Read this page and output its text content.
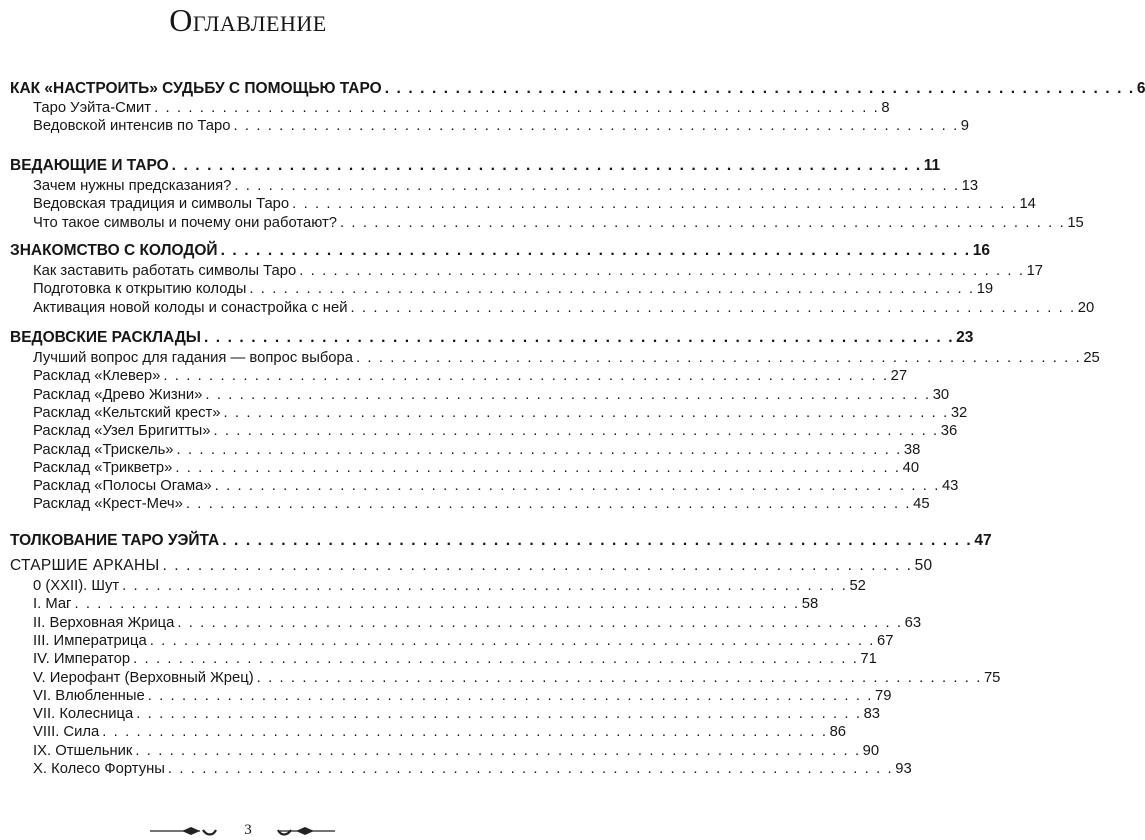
Оглавление
КАК «НАСТРОИТЬ» СУДЬБУ С ПОМОЩЬЮ ТАРО . . . . . . . . . . . . . . . . . . . . . . . . . . . . . . . . . . . . . . . . . . . . . . . . . . . . . . . . . . . . . . . . 6
Таро Уэйта-Смит . . . . . . . . . . . . . . . . . . . . . . . . . . . . . . . . . . . . . . . . . . . . . . . . . . . . . . . . . . . . . . . . 8
Ведовской интенсив по Таро . . . . . . . . . . . . . . . . . . . . . . . . . . . . . . . . . . . . . . . . . . . . . . . . . . . . . . . . . . . . . . . . 9
ВЕДАЮЩИЕ И ТАРО . . . . . . . . . . . . . . . . . . . . . . . . . . . . . . . . . . . . . . . . . . . . . . . . . . . . . . . . . . . . . . . . 11
Зачем нужны предсказания? . . . . . . . . . . . . . . . . . . . . . . . . . . . . . . . . . . . . . . . . . . . . . . . . . . . . . . . . . . . . . . . . 13
Ведовская традиция и символы Таро . . . . . . . . . . . . . . . . . . . . . . . . . . . . . . . . . . . . . . . . . . . . . . . . . . . . . . . . . . . . . . . . 14
Что такое символы и почему они работают? . . . . . . . . . . . . . . . . . . . . . . . . . . . . . . . . . . . . . . . . . . . . . . . . . . . . . . . . . . . . . . . . 15
ЗНАКОМСТВО С КОЛОДОЙ . . . . . . . . . . . . . . . . . . . . . . . . . . . . . . . . . . . . . . . . . . . . . . . . . . . . . . . . . . . . . . . . 16
Как заставить работать символы Таро . . . . . . . . . . . . . . . . . . . . . . . . . . . . . . . . . . . . . . . . . . . . . . . . . . . . . . . . . . . . . . . . 17
Подготовка к открытию колоды . . . . . . . . . . . . . . . . . . . . . . . . . . . . . . . . . . . . . . . . . . . . . . . . . . . . . . . . . . . . . . . . 19
Активация новой колоды и сонастройка с ней . . . . . . . . . . . . . . . . . . . . . . . . . . . . . . . . . . . . . . . . . . . . . . . . . . . . . . . . . . . . . . . . 20
ВЕДОВСКИЕ РАСКЛАДЫ . . . . . . . . . . . . . . . . . . . . . . . . . . . . . . . . . . . . . . . . . . . . . . . . . . . . . . . . . . . . . . . . 23
Лучший вопрос для гадания — вопрос выбора . . . . . . . . . . . . . . . . . . . . . . . . . . . . . . . . . . . . . . . . . . . . . . . . . . . . . . . . . . . . . . . . 25
Расклад «Клевер» . . . . . . . . . . . . . . . . . . . . . . . . . . . . . . . . . . . . . . . . . . . . . . . . . . . . . . . . . . . . . . . . 27
Расклад «Древо Жизни» . . . . . . . . . . . . . . . . . . . . . . . . . . . . . . . . . . . . . . . . . . . . . . . . . . . . . . . . . . . . . . . . 30
Расклад «Кельтский крест» . . . . . . . . . . . . . . . . . . . . . . . . . . . . . . . . . . . . . . . . . . . . . . . . . . . . . . . . . . . . . . . . 32
Расклад «Узел Бригитты» . . . . . . . . . . . . . . . . . . . . . . . . . . . . . . . . . . . . . . . . . . . . . . . . . . . . . . . . . . . . . . . . 36
Расклад «Трискель» . . . . . . . . . . . . . . . . . . . . . . . . . . . . . . . . . . . . . . . . . . . . . . . . . . . . . . . . . . . . . . . . 38
Расклад «Трикветр» . . . . . . . . . . . . . . . . . . . . . . . . . . . . . . . . . . . . . . . . . . . . . . . . . . . . . . . . . . . . . . . . 40
Расклад «Полосы Огама» . . . . . . . . . . . . . . . . . . . . . . . . . . . . . . . . . . . . . . . . . . . . . . . . . . . . . . . . . . . . . . . . 43
Расклад «Крест-Меч» . . . . . . . . . . . . . . . . . . . . . . . . . . . . . . . . . . . . . . . . . . . . . . . . . . . . . . . . . . . . . . . . 45
ТОЛКОВАНИЕ ТАРО УЭЙТА . . . . . . . . . . . . . . . . . . . . . . . . . . . . . . . . . . . . . . . . . . . . . . . . . . . . . . . . . . . . . . . . 47
СТАРШИЕ АРКАНЫ . . . . . . . . . . . . . . . . . . . . . . . . . . . . . . . . . . . . . . . . . . . . . . . . . . . . . . . . . . . . . . . . 50
0 (XXII). Шут . . . . . . . . . . . . . . . . . . . . . . . . . . . . . . . . . . . . . . . . . . . . . . . . . . . . . . . . . . . . . . . . 52
I. Маг . . . . . . . . . . . . . . . . . . . . . . . . . . . . . . . . . . . . . . . . . . . . . . . . . . . . . . . . . . . . . . . . 58
II. Верховная Жрица . . . . . . . . . . . . . . . . . . . . . . . . . . . . . . . . . . . . . . . . . . . . . . . . . . . . . . . . . . . . . . . . 63
III. Императрица . . . . . . . . . . . . . . . . . . . . . . . . . . . . . . . . . . . . . . . . . . . . . . . . . . . . . . . . . . . . . . . . 67
IV. Император . . . . . . . . . . . . . . . . . . . . . . . . . . . . . . . . . . . . . . . . . . . . . . . . . . . . . . . . . . . . . . . . 71
V. Иерофант (Верховный Жрец) . . . . . . . . . . . . . . . . . . . . . . . . . . . . . . . . . . . . . . . . . . . . . . . . . . . . . . . . . . . . . . . . 75
VI. Влюбленные . . . . . . . . . . . . . . . . . . . . . . . . . . . . . . . . . . . . . . . . . . . . . . . . . . . . . . . . . . . . . . . . 79
VII. Колесница . . . . . . . . . . . . . . . . . . . . . . . . . . . . . . . . . . . . . . . . . . . . . . . . . . . . . . . . . . . . . . . . 83
VIII. Сила . . . . . . . . . . . . . . . . . . . . . . . . . . . . . . . . . . . . . . . . . . . . . . . . . . . . . . . . . . . . . . . . 86
IX. Отшельник . . . . . . . . . . . . . . . . . . . . . . . . . . . . . . . . . . . . . . . . . . . . . . . . . . . . . . . . . . . . . . . . 90
X. Колесо Фортуны . . . . . . . . . . . . . . . . . . . . . . . . . . . . . . . . . . . . . . . . . . . . . . . . . . . . . . . . . . . . . . . . 93
3
